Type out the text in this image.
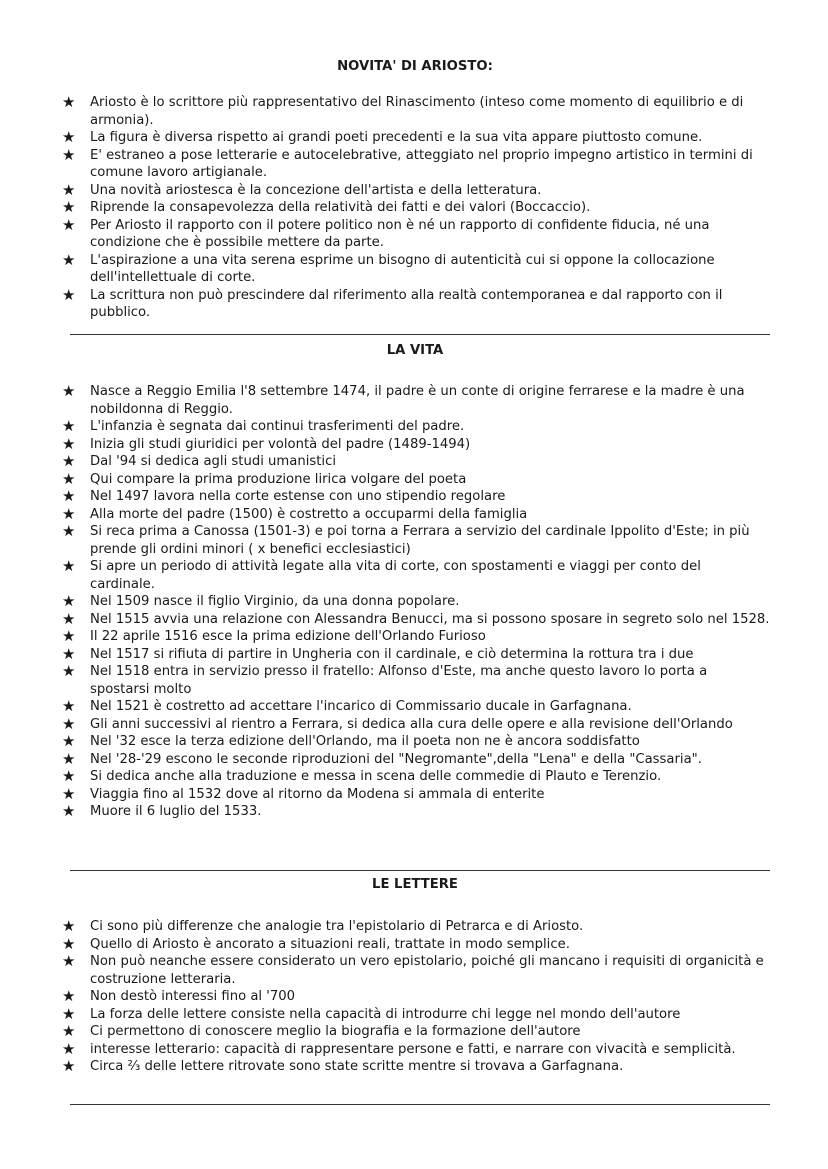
NOVITA' DI ARIOSTO:
★ Ariosto è lo scrittore più rappresentativo del Rinascimento (inteso come momento di equilibrio e di armonia).
★ La figura è diversa rispetto ai grandi poeti precedenti e la sua vita appare piuttosto comune.
★ E' estraneo a pose letterarie e autocelebrative, atteggiato nel proprio impegno artistico in termini di comune lavoro artigianale.
★ Una novità ariostesca è la concezione dell'artista e della letteratura.
★ Riprende la consapevolezza della relatività dei fatti e dei valori (Boccaccio).
★ Per Ariosto il rapporto con il potere politico non è né un rapporto di confidente fiducia, né una condizione che è possibile mettere da parte.
★ L'aspirazione a una vita serena esprime un bisogno di autenticità cui si oppone la collocazione dell'intellettuale di corte.
★ La scrittura non può prescindere dal riferimento alla realtà contemporanea e dal rapporto con il pubblico.
LA VITA
★ Nasce a Reggio Emilia l'8 settembre 1474, il padre è un conte di origine ferrarese e la madre è una nobildonna di Reggio.
★ L'infanzia è segnata dai continui trasferimenti del padre.
★ Inizia gli studi giuridici per volontà del padre (1489-1494)
★ Dal '94 si dedica agli studi umanistici
★ Qui compare la prima produzione lirica volgare del poeta
★ Nel 1497 lavora nella corte estense con uno stipendio regolare
★ Alla morte del padre (1500) è costretto a occuparmi della famiglia
★ Si reca prima a Canossa (1501-3) e poi torna a Ferrara a servizio del cardinale Ippolito d'Este; in più prende gli ordini minori ( x benefici ecclesiastici)
★ Si apre un periodo di attività legate alla vita di corte, con spostamenti e viaggi per conto del cardinale.
★ Nel 1509 nasce il figlio Virginio, da una donna popolare.
★ Nel 1515 avvia una relazione con Alessandra Benucci, ma si possono sposare in segreto solo nel 1528.
★ Il 22 aprile 1516 esce la prima edizione dell'Orlando Furioso
★ Nel 1517 si rifiuta di partire in Ungheria con il cardinale, e ciò determina la rottura tra i due
★ Nel 1518 entra in servizio presso il fratello: Alfonso d'Este, ma anche questo lavoro lo porta a spostarsi molto
★ Nel 1521 è costretto ad accettare l'incarico di Commissario ducale in Garfagnana.
★ Gli anni successivi al rientro a Ferrara, si dedica alla cura delle opere e alla revisione dell'Orlando
★ Nel '32 esce la terza edizione dell'Orlando, ma il poeta non ne è ancora soddisfatto
★ Nel '28-'29 escono le seconde riproduzioni del "Negromante",della "Lena" e della "Cassaria".
★ Si dedica anche alla traduzione e messa in scena delle commedie di Plauto e Terenzio.
★ Viaggia fino al 1532 dove al ritorno da Modena si ammala di enterite
★ Muore il 6 luglio del 1533.
LE LETTERE
★ Ci sono più differenze che analogie tra l'epistolario di Petrarca e di Ariosto.
★ Quello di Ariosto è ancorato a situazioni reali, trattate in modo semplice.
★ Non può neanche essere considerato un vero epistolario, poiché gli mancano i requisiti di organicità e costruzione letteraria.
★ Non destò interessi fino al '700
★ La forza delle lettere consiste nella capacità di introdurre chi legge nel mondo dell'autore
★ Ci permettono di conoscere meglio la biografia e la formazione dell'autore
★ interesse letterario: capacità di rappresentare persone e fatti, e narrare con vivacità e semplicità.
★ Circa ⅔ delle lettere ritrovate sono state scritte mentre si trovava a Garfagnana.
